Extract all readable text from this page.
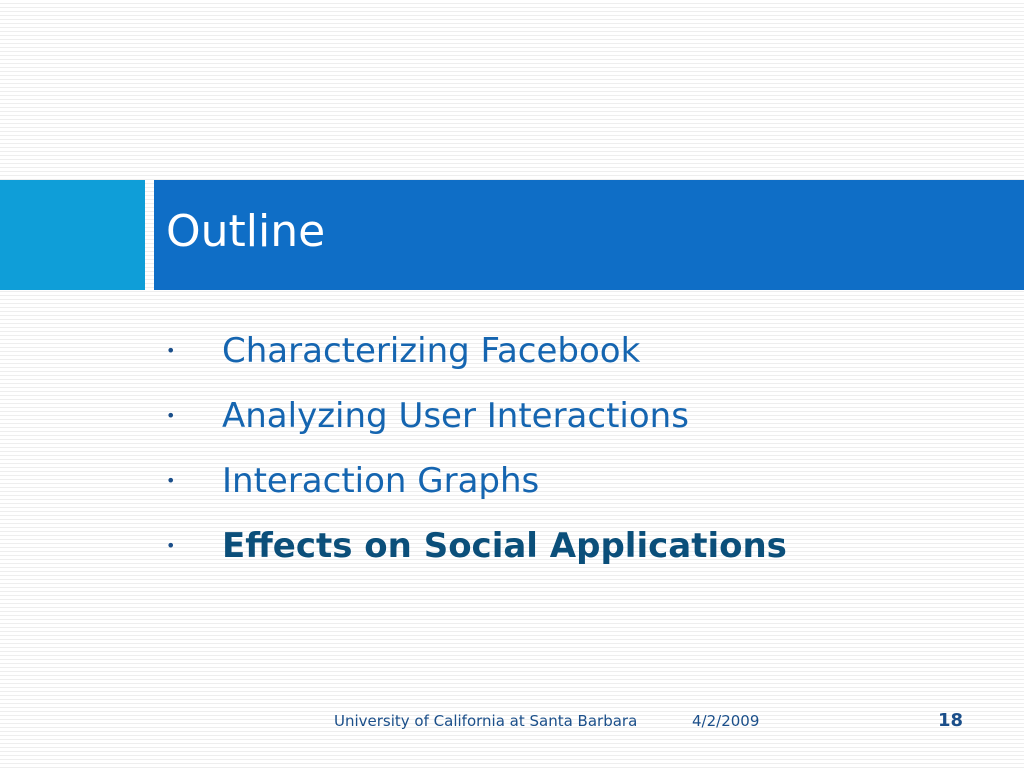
Outline
•	Characterizing Facebook
•	Analyzing User Interactions
•	Interaction Graphs
•	Effects on Social Applications
University of California at Santa Barbara	4/2/2009	18
